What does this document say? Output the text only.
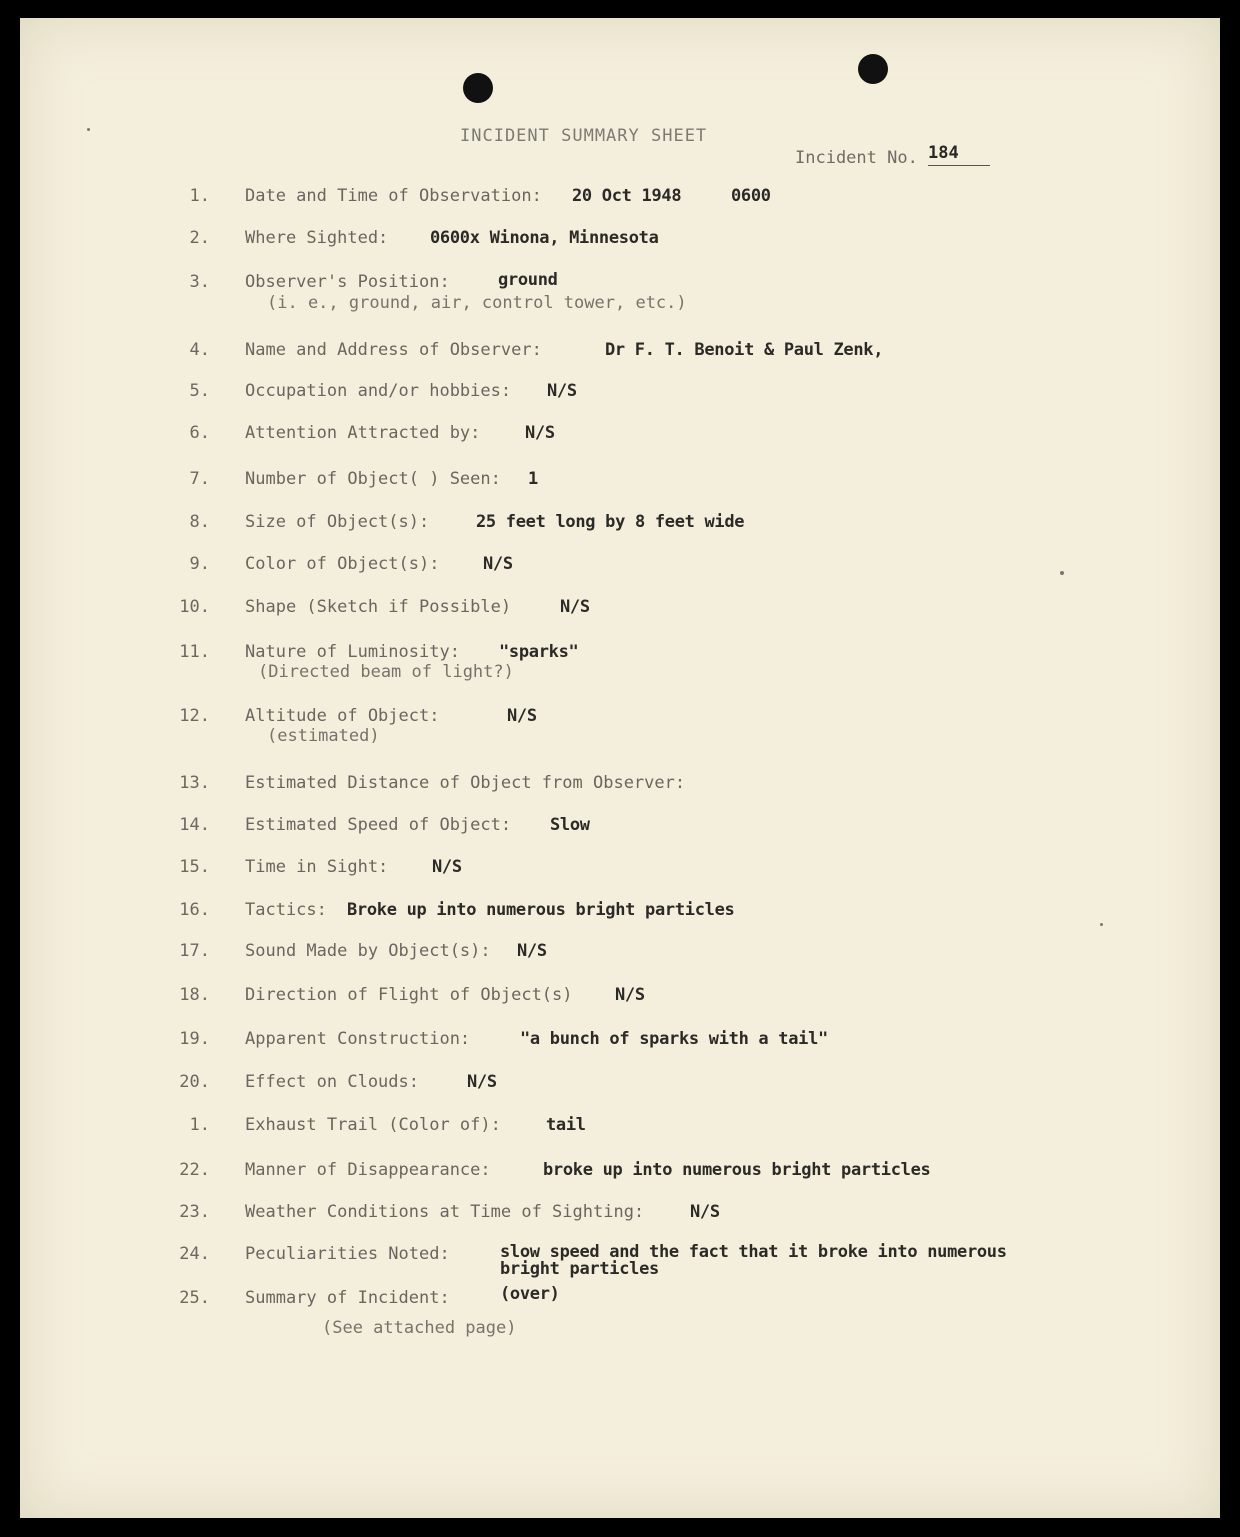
INCIDENT SUMMARY SHEET
Incident No. 184
1. Date and Time of Observation: 20 Oct 1948     0600
2. Where Sighted: 0600x Winona, Minnesota
3. Observer's Position:	ground
(i. e., ground, air, control tower, etc.)
4. Name and Address of Observer:	Dr F. T. Benoit & Paul Zenk,
5. Occupation and/or hobbies: N/S
6. Attention Attracted by:	N/S
7. Number of Object( ) Seen: 1
8. Size of Object(s):	25 feet long by 8 feet wide
9. Color of Object(s):	N/S
10. Shape (Sketch if Possible)	N/S
11. Nature of Luminosity: "sparks"
(Directed beam of light?)
12. Altitude of Object:	N/S
(estimated)
13. Estimated Distance of Object from Observer:
14. Estimated Speed of Object: Slow
15. Time in Sight:	N/S
16. Tactics: Broke up into numerous bright particles
17. Sound Made by Object(s): N/S
18. Direction of Flight of Object(s) N/S
19. Apparent Construction:	"a bunch of sparks with a tail"
20. Effect on Clouds:	N/S
1. Exhaust Trail (Color of):	tail
22. Manner of Disappearance:	broke up into numerous bright particles
23. Weather Conditions at Time of Sighting:	N/S
24. Peculiarities Noted:	slow speed and the fact that it broke into numerous bright particles
25. Summary of Incident:	(over)
(See attached page)
